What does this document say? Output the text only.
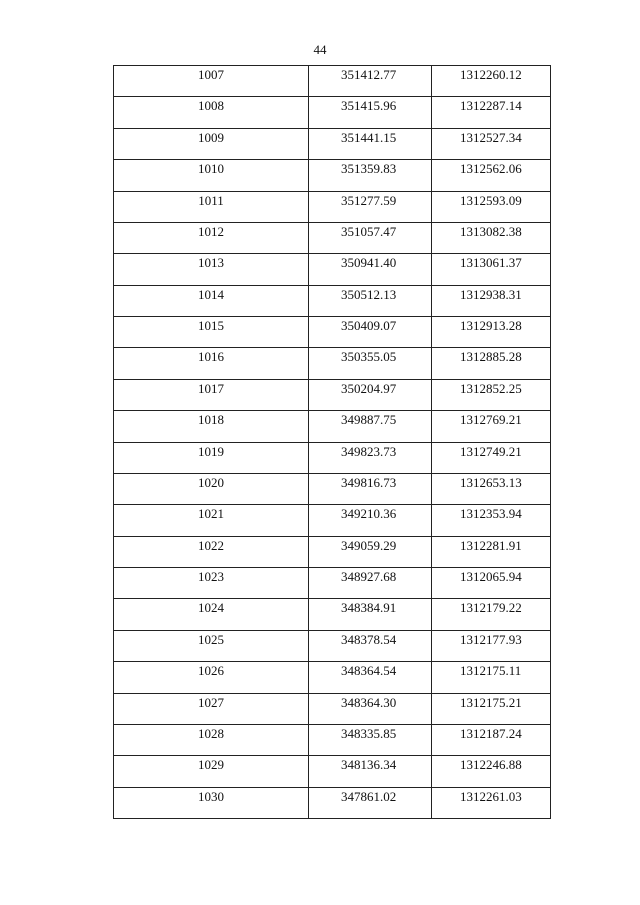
44
1007	351412.77	1312260.12
1008	351415.96	1312287.14
1009	351441.15	1312527.34
1010	351359.83	1312562.06
1011	351277.59	1312593.09
1012	351057.47	1313082.38
1013	350941.40	1313061.37
1014	350512.13	1312938.31
1015	350409.07	1312913.28
1016	350355.05	1312885.28
1017	350204.97	1312852.25
1018	349887.75	1312769.21
1019	349823.73	1312749.21
1020	349816.73	1312653.13
1021	349210.36	1312353.94
1022	349059.29	1312281.91
1023	348927.68	1312065.94
1024	348384.91	1312179.22
1025	348378.54	1312177.93
1026	348364.54	1312175.11
1027	348364.30	1312175.21
1028	348335.85	1312187.24
1029	348136.34	1312246.88
1030	347861.02	1312261.03
